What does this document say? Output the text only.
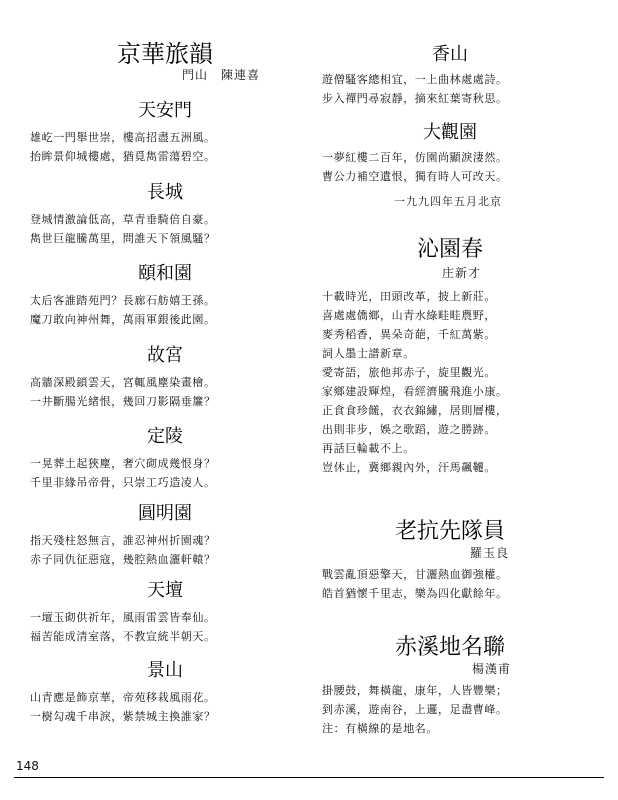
京華旅韻
門山　陳連喜
天安門
雄屹一門舉世崇，樓高招盡五洲風。
抬眸景仰城樓處，猶覓雋雷蕩碧空。
長城
登城情激論低高，草青垂騎倍自豪。
雋世巨龍騰萬里，問誰天下領風騷？
頤和園
太后客誰踏苑門？長廊石舫嬉王孫。
魔刀敢向神州舞，萬雨軍銀後此園。
故宮
高牆深殿鎖雲天，宮輒風塵染畫檜。
一井斷腸光緒恨，幾回刀影隔垂簾？
定陵
一晃葬土起狹塵，奢穴砌成幾恨身？
千里非緣吊帝骨，只崇工巧造凌人。
圓明園
指天殘柱怒無言，誰忍神州折園魂？
赤子同仇征惡寇，幾腔熱血灑軒轅？
天壇
一壇玉砌供祈年，風雨雷雲皆奉仙。
福苦能成清室落，不教宣統半朝天。
景山
山青應是飾京華，帝苑移栽風雨花。
一樹勾魂千串淚，紫禁城主換誰家？
香山
遊僧騷客總相宜，一上曲林處處詩。
步入禪門尋寂靜，摘來紅葉寄秋思。
大觀園
一夢紅樓二百年，仿園尚顯淚淒然。
曹公力補空遺恨，獨有時人可改天。
一九九四年五月北京
沁園春
庄新才
十載時光，田頭改革，披上新莊。
喜處處僑鄉，山青水綠畦畦農野，
麥秀稻香，異朵奇葩，千紅萬紫。
詞人墨士譜新章。
愛寄語，旅他邦赤子，旋里觀光。
家鄉建設輝煌，看經濟騰飛進小康。
正食食珍饈，衣衣錦繡，居則層樓，
出則非步，娛之歌蹈，遊之勝跡。
再話巨輪載不上。
豈休止，冀鄉親內外，汗馬飆韆。
老抗先隊員
羅玉良
戰雲亂頂惡擎天，甘灑熱血御強權。
皓首猶懷千里志，樂為四化獻餘年。
赤溪地名聯
楊漢甫
掛腰鼓，舞橫龍，康年，人皆豐樂；
到赤溪，遊南谷，上邏，足盡曹峰。
注：有橫線的是地名。
148
